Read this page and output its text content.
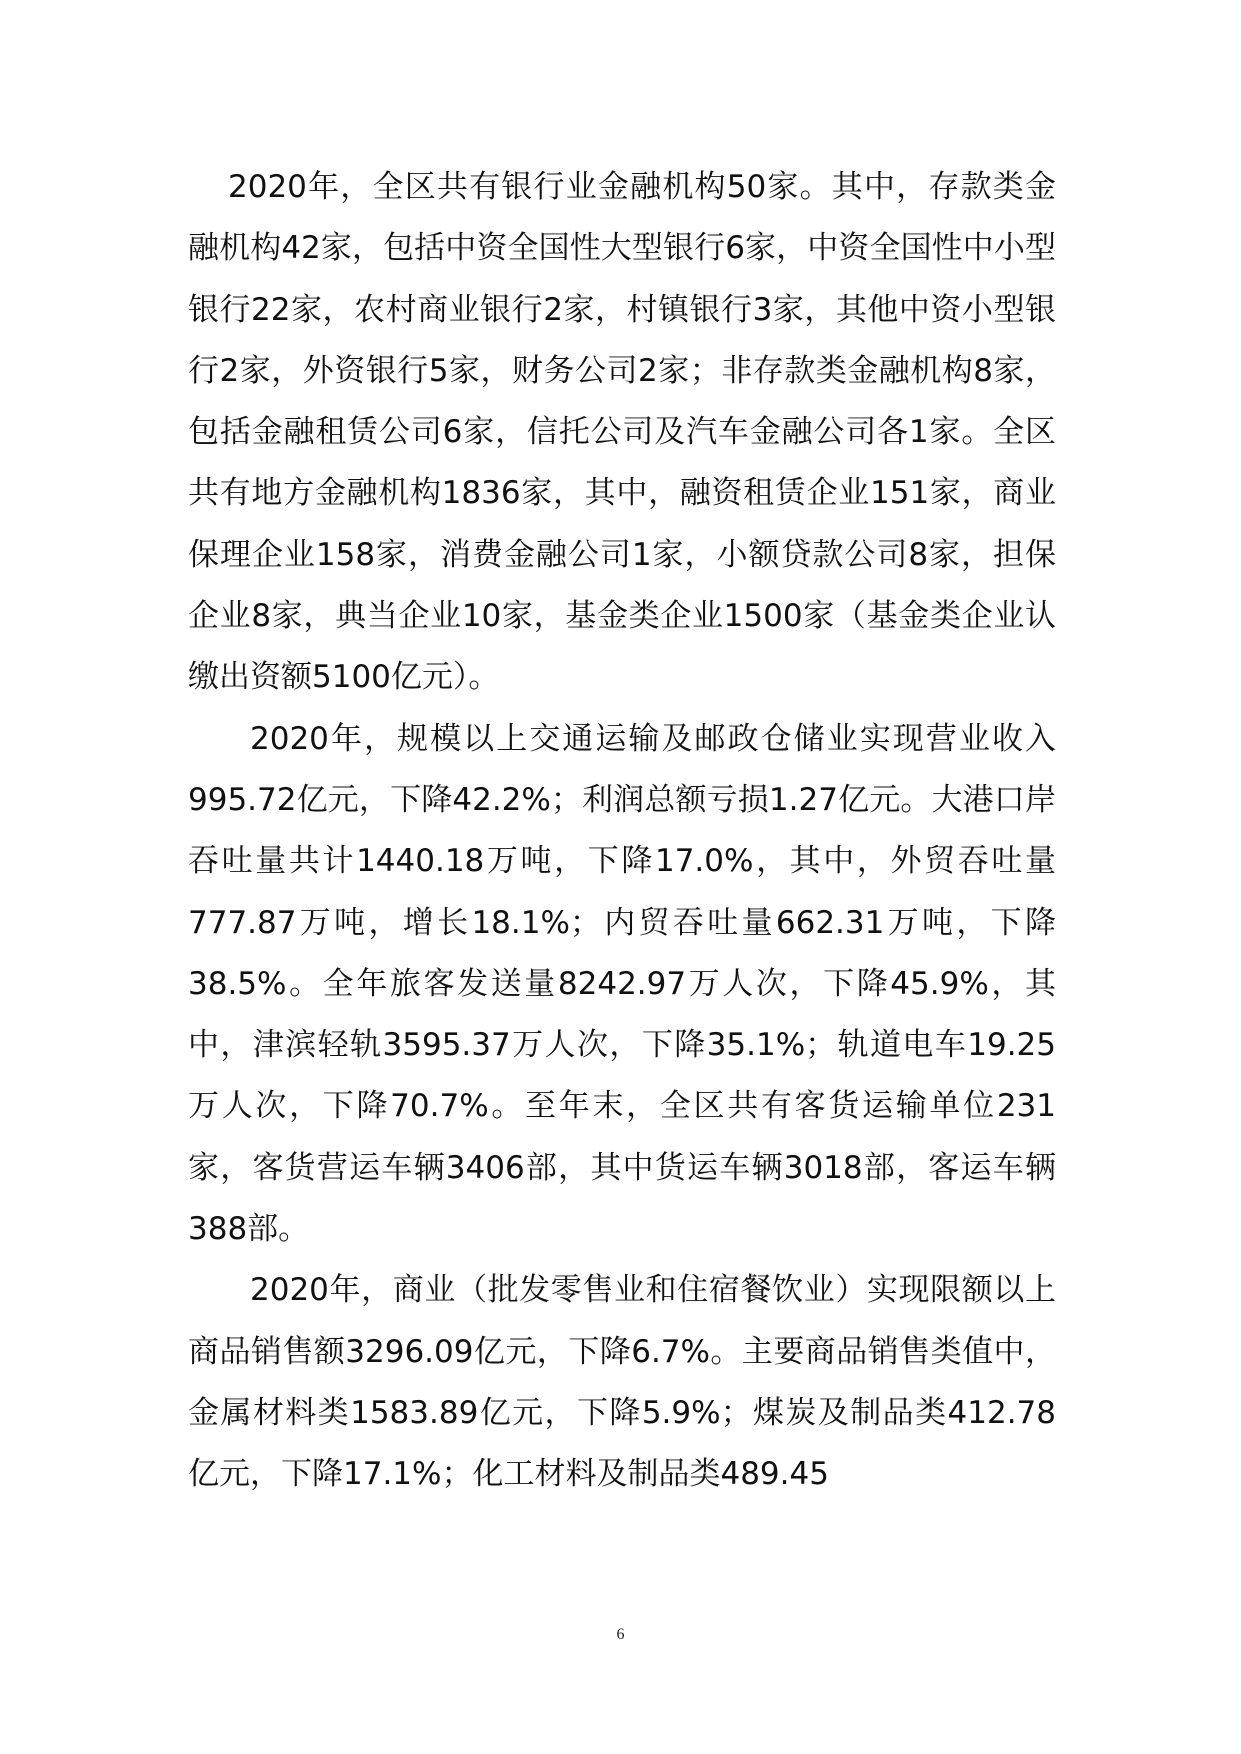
2020年，全区共有银行业金融机构50家。其中，存款类金融机构42家，包括中资全国性大型银行6家，中资全国性中小型银行22家，农村商业银行2家，村镇银行3家，其他中资小型银行2家，外资银行5家，财务公司2家；非存款类金融机构8家，包括金融租赁公司6家，信托公司及汽车金融公司各1家。全区共有地方金融机构1836家，其中，融资租赁企业151家，商业保理企业158家，消费金融公司1家，小额贷款公司8家，担保企业8家，典当企业10家，基金类企业1500家（基金类企业认缴出资额5100亿元）。

2020年，规模以上交通运输及邮政仓储业实现营业收入995.72亿元，下降42.2%；利润总额亏损1.27亿元。大港口岸吞吐量共计1440.18万吨，下降17.0%，其中，外贸吞吐量777.87万吨，增长18.1%；内贸吞吐量662.31万吨，下降38.5%。全年旅客发送量8242.97万人次，下降45.9%，其中，津滨轻轨3595.37万人次，下降35.1%；轨道电车19.25万人次，下降70.7%。至年末，全区共有客货运输单位231家，客货营运车辆3406部，其中货运车辆3018部，客运车辆388部。

2020年，商业（批发零售业和住宿餐饮业）实现限额以上商品销售额3296.09亿元，下降6.7%。主要商品销售类值中，金属材料类1583.89亿元，下降5.9%；煤炭及制品类412.78亿元，下降17.1%；化工材料及制品类489.45

6
